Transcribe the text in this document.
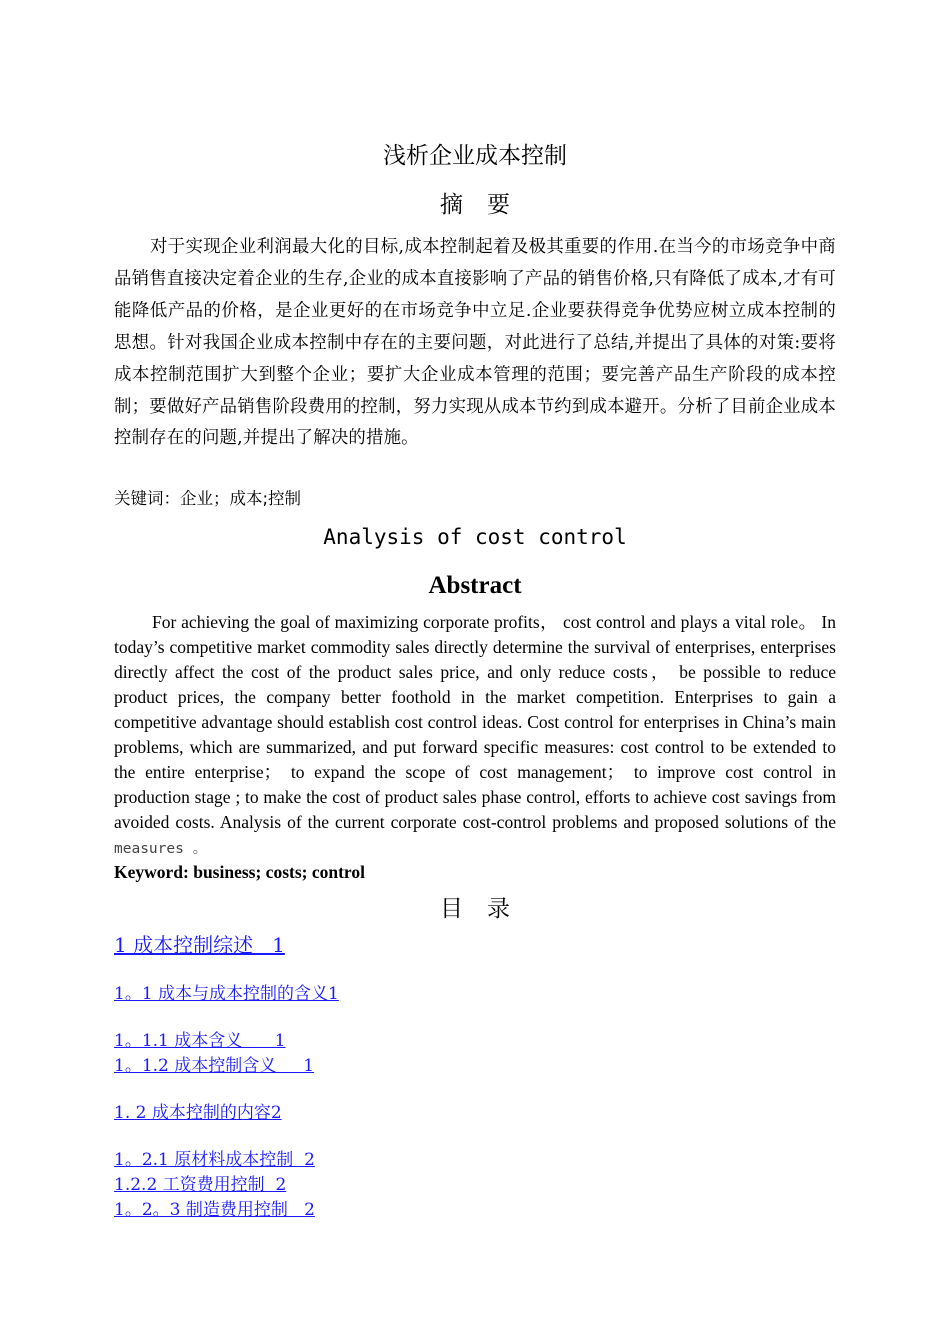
浅析企业成本控制
摘要

对于实现企业利润最大化的目标,成本控制起着及极其重要的作用.在当今的市场竞争中商品销售直接决定着企业的生存,企业的成本直接影响了产品的销售价格,只有降低了成本,才有可能降低产品的价格，是企业更好的在市场竞争中立足.企业要获得竞争优势应树立成本控制的思想。针对我国企业成本控制中存在的主要问题，对此进行了总结,并提出了具体的对策:要将成本控制范围扩大到整个企业；要扩大企业成本管理的范围；要完善产品生产阶段的成本控制；要做好产品销售阶段费用的控制，努力实现从成本节约到成本避开。分析了目前企业成本控制存在的问题,并提出了解决的措施。

关键词：企业；成本;控制

Analysis of cost control
Abstract

For achieving the goal of maximizing corporate profits， cost control and plays a vital role。 In today’s competitive market commodity sales directly determine the survival of enterprises, enterprises directly affect the cost of the product sales price, and only reduce costs， be possible to reduce product prices, the company better foothold in the market competition. Enterprises to gain a competitive advantage should establish cost control ideas. Cost control for enterprises in China’s main problems, which are summarized, and put forward specific measures: cost control to be extended to the entire enterprise； to expand the scope of cost management； to improve cost control in production stage ; to make the cost of product sales phase control, efforts to achieve cost savings from avoided costs. Analysis of the current corporate cost-control problems and proposed solutions of the measures 。

Keyword: business; costs; control

目录
1 成本控制综述   1
1。1 成本与成本控制的含义1
1。1.1 成本含义      1
1。1.2 成本控制含义     1
1. 2 成本控制的内容2
1。2.1 原材料成本控制  2
1.2.2 工资费用控制  2
1。2。3 制造费用控制   2
